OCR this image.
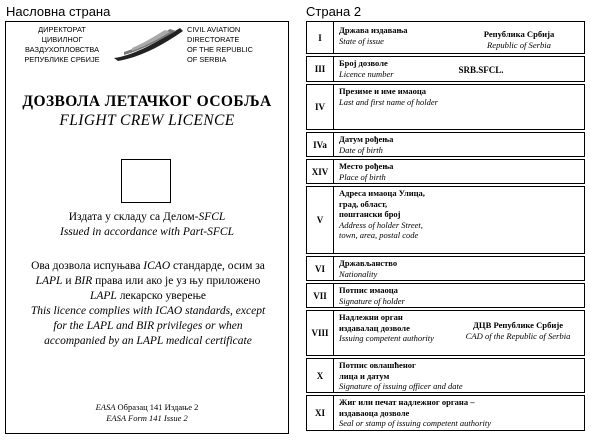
Насловна страна	Страна 2
ДИРЕКТОРАТ
ЦИВИЛНОГ
ВАЗДУХОПЛОВСТВА
РЕПУБЛИКЕ СРБИЈЕ
CIVIL AVIATION
DIRECTORATE
OF THE REPUBLIC
OF SERBIA
ДОЗВОЛА ЛЕТАЧКОГ ОСОБЉА
FLIGHT CREW LICENCE
Издата у складу са Делом-SFCL
Issued in accordance with Part-SFCL
Ова дозвола испуњава ICAO стандарде, осим за
LAPL и BIR права или ако је уз њу приложено
LAPL лекарско уверење
This licence complies with ICAO standards, except
for the LAPL and BIR privileges or when
accompanied by an LAPL medical certificate
EASA Образац 141 Издање 2
EASA Form 141 Issue 2
I
Држава издавања
State of issue
Република Србија
Republic of Serbia
III
Број дозволе
Licence number	SRB.SFCL.
IV
Презиме и име имаоца
Last and first name of holder
IVa
Датум рођења
Date of birth
XIV
Место рођења
Place of birth
V
Адреса имаоца Улица, град, област, поштански број
Address of holder Street, town, area, postal code
VI
Држављанство
Nationality
VII
Потпис имаоца
Signature of holder
VIII
Надлежни орган издавалац дозволе
Issuing competent authority
ДЦВ Републике Србије
CAD of the Republic of Serbia
X
Потпис овлашћеног лица и датум
Signature of issuing officer and date
XI
Жиг или печат надлежног органа – издаваоца дозволе
Seal or stamp of issuing competent authority
